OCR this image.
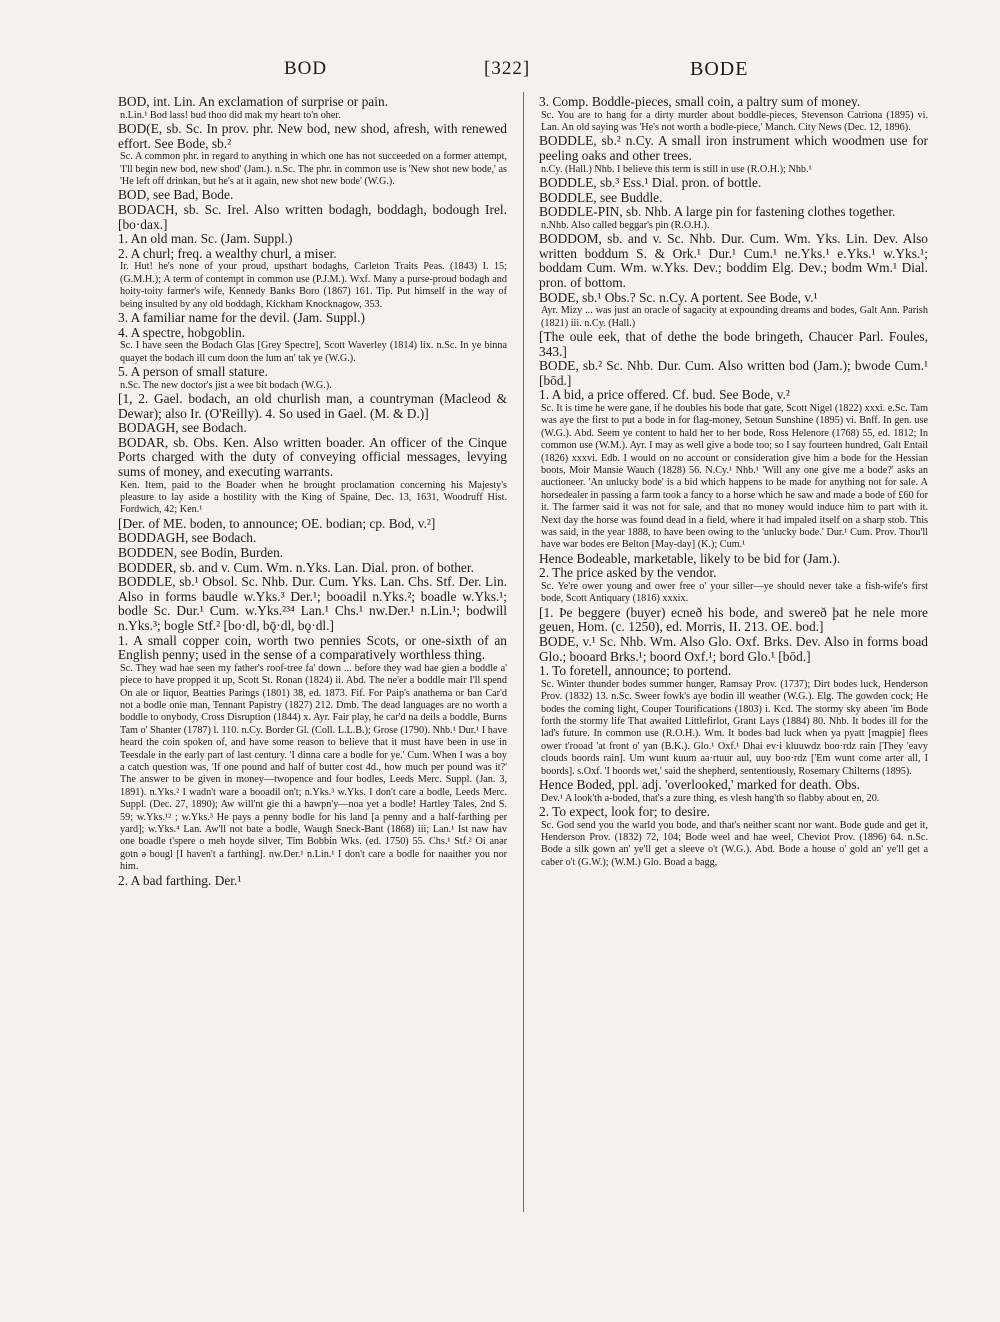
BOD	[322]	BODE

BOD, int. Lin. An exclamation of surprise or pain.

n.Lin.¹ Bod lass! bud thoo did mak my heart to'n oher.

BOD(E, sb. Sc. In prov. phr. New bod, new shod, afresh, with renewed effort. See Bode, sb.²

Sc. A common phr. in regard to anything in which one has not succeeded on a former attempt, 'I'll begin new bod, new shod' (Jam.). n.Sc. The phr. in common use is 'New shot new bode,' as 'He left off drinkan, but he's at it again, new shot new bode' (W.G.).

BOD, see Bad, Bode.

BODACH, sb. Sc. Irel. Also written bodagh, boddagh, bodough Irel. [bo·dax.]

1. An old man. Sc. (Jam. Suppl.)

2. A churl; freq. a wealthy churl, a miser.

Ir. Hut! he's none of your proud, upsthart bodaghs, Carleton Traits Peas. (1843) I. 15; (G.M.H.); A term of contempt in common use (P.J.M.). Wxf. Many a purse-proud bodagh and hoity-toity farmer's wife, Kennedy Banks Boro (1867) 161. Tip. Put himself in the way of being insulted by any old boddagh, Kickham Knocknagow, 353.

3. A familiar name for the devil. (Jam. Suppl.)

4. A spectre, hobgoblin.

Sc. I have seen the Bodach Glas [Grey Spectre], Scott Waverley (1814) lix. n.Sc. In ye binna quayet the bodach ill cum doon the lum an' tak ye (W.G.).

5. A person of small stature.

n.Sc. The new doctor's jist a wee bit bodach (W.G.).

[1, 2. Gael. bodach, an old churlish man, a countryman (Macleod & Dewar); also Ir. (O'Reilly). 4. So used in Gael. (M. & D.)]

BODAGH, see Bodach.

BODAR, sb. Obs. Ken. Also written boader. An officer of the Cinque Ports charged with the duty of conveying official messages, levying sums of money, and executing warrants.

Ken. Item, paid to the Boader when he brought proclamation concerning his Majesty's pleasure to lay aside a hostility with the King of Spaine, Dec. 13, 1631, Woodruff Hist. Fordwich, 42; Ken.¹

[Der. of ME. boden, to announce; OE. bodian; cp. Bod, v.²]

BODDAGH, see Bodach.

BODDEN, see Bodin, Burden.

BODDER, sb. and v. Cum. Wm. n.Yks. Lan. Dial. pron. of bother.

BODDLE, sb.¹ Obsol. Sc. Nhb. Dur. Cum. Yks. Lan. Chs. Stf. Der. Lin. Also in forms baudle w.Yks.³ Der.¹; booadil n.Yks.²; boadle w.Yks.¹; bodle Sc. Dur.¹ Cum. w.Yks.²³⁴ Lan.¹ Chs.¹ nw.Der.¹ n.Lin.¹; bodwill n.Yks.³; bogle Stf.² [bo·dl, bǭ·dl, bǫ·dl.]

1. A small copper coin, worth two pennies Scots, or one-sixth of an English penny; used in the sense of a comparatively worthless thing.

Sc. They wad hae seen my father's roof-tree fa' down ... before they wad hae gien a boddle a' piece to have propped it up, Scott St. Ronan (1824) ii. Abd. The ne'er a boddle mair I'll spend On ale or liquor, Beatties Parings (1801) 38, ed. 1873. Fif. For Paip's anathema or ban Car'd not a bodle onie man, Tennant Papistry (1827) 212. Dmb. The dead languages are no worth a boddle to onybody, Cross Disruption (1844) x. Ayr. Fair play, he car'd na deils a boddle, Burns Tam o' Shanter (1787) l. 110. n.Cy. Border Gl. (Coll. L.L.B.); Grose (1790). Nhb.¹ Dur.¹ I have heard the coin spoken of, and have some reason to believe that it must have been in use in Teesdale in the early part of last century. 'I dinna care a bodle for ye.' Cum. When I was a boy a catch question was, 'If one pound and half of butter cost 4d., how much per pound was it?' The answer to be given in money—twopence and four bodles, Leeds Merc. Suppl. (Jan. 3, 1891). n.Yks.² I wadn't ware a booadil on't; n.Yks.³ w.Yks. I don't care a bodle, Leeds Merc. Suppl. (Dec. 27, 1890); Aw will'nt gie thi a hawpn'y—noa yet a bodle! Hartley Tales, 2nd S. 59; w.Yks.¹² ; w.Yks.³ He pays a penny bodle for his land [a penny and a half-farthing per yard]; w.Yks.⁴ Lan. Aw'll not bate a bodle, Waugh Sneck-Bant (1868) iii; Lan.¹ Ist naw hav one boadle t'spere o meh hoyde silver, Tim Bobbin Wks. (ed. 1750) 55. Chs.¹ Stf.² Oi anər gotn ə bougl [I haven't a farthing]. nw.Der.¹ n.Lin.¹ I don't care a bodle for naaither you nor him.

2. A bad farthing. Der.¹

3. Comp. Boddle-pieces, small coin, a paltry sum of money.

Sc. You are to hang for a dirty murder about boddle-pieces, Stevenson Catriona (1895) vi. Lan. An old saying was 'He's not worth a bodle-piece,' Manch. City News (Dec. 12, 1896).

BODDLE, sb.² n.Cy. A small iron instrument which woodmen use for peeling oaks and other trees.

n.Cy. (Hall.) Nhb. I believe this term is still in use (R.O.H.); Nhb.¹

BODDLE, sb.³ Ess.¹ Dial. pron. of bottle.

BODDLE, see Buddle.

BODDLE-PIN, sb. Nhb. A large pin for fastening clothes together.

n.Nhb. Also called beggar's pin (R.O.H.).

BODDOM, sb. and v. Sc. Nhb. Dur. Cum. Wm. Yks. Lin. Dev. Also written boddum S. & Ork.¹ Dur.¹ Cum.¹ ne.Yks.¹ e.Yks.¹ w.Yks.¹; boddam Cum. Wm. w.Yks. Dev.; boddim Elg. Dev.; bodm Wm.¹ Dial. pron. of bottom.

BODE, sb.¹ Obs.? Sc. n.Cy. A portent. See Bode, v.¹

Ayr. Mizy ... was just an oracle of sagacity at expounding dreams and bodes, Galt Ann. Parish (1821) iii. n.Cy. (Hall.)

[The oule eek, that of dethe the bode bringeth, Chaucer Parl. Foules, 343.]

BODE, sb.² Sc. Nhb. Dur. Cum. Also written bod (Jam.); bwode Cum.¹ [bōd.]

1. A bid, a price offered. Cf. bud. See Bode, v.²

Sc. It is time he were gane, if he doubles his bode that gate, Scott Nigel (1822) xxxi. e.Sc. Tam was aye the first to put a bode in for flag-money, Setoun Sunshine (1895) vi. Bnff. In gen. use (W.G.). Abd. Seem ye content to hald her to her bode, Ross Helenore (1768) 55, ed. 1812; In common use (W.M.). Ayr. I may as well give a bode too; so I say fourteen hundred, Galt Entail (1826) xxxvi. Edb. I would on no account or consideration give him a bode for the Hessian boots, Moir Mansie Wauch (1828) 56. N.Cy.¹ Nhb.¹ 'Will any one give me a bode?' asks an auctioneer. 'An unlucky bode' is a bid which happens to be made for anything not for sale. A horsedealer in passing a farm took a fancy to a horse which he saw and made a bode of £60 for it. The farmer said it was not for sale, and that no money would induce him to part with it. Next day the horse was found dead in a field, where it had impaled itself on a sharp stob. This was said, in the year 1888, to have been owing to the 'unlucky bode.' Dur.¹ Cum. Prov. Thou'll have war bodes ere Belton [May-day] (K.); Cum.¹

Hence Bodeable, marketable, likely to be bid for (Jam.).

2. The price asked by the vendor.

Sc. Ye're ower young and ower free o' your siller—ye should never take a fish-wife's first bode, Scott Antiquary (1816) xxxix.

[1. Þe beggere (buyer) ecneð his bode, and swereð þat he nele more geuen, Hom. (c. 1250), ed. Morris, II. 213. OE. bod.]

BODE, v.¹ Sc. Nhb. Wm. Also Glo. Oxf. Brks. Dev. Also in forms boad Glo.; booard Brks.¹; boord Oxf.¹; bord Glo.¹ [bōd.]

1. To foretell, announce; to portend.

Sc. Winter thunder bodes summer hunger, Ramsay Prov. (1737); Dirt bodes luck, Henderson Prov. (1832) 13. n.Sc. Sweer fowk's aye bodin ill weather (W.G.). Elg. The gowden cock; He bodes the coming light, Couper Tourifications (1803) i. Kcd. The stormy sky abeen 'im Bode forth the stormy life That awaited Littlefirlot, Grant Lays (1884) 80. Nhb. It bodes ill for the lad's future. In common use (R.O.H.). Wm. It bodes bad luck when ya pyatt [magpie] flees ower t'rooad 'at front o' yan (B.K.). Glo.¹ Oxf.¹ Dhai ev·i kluuwdz boo·rdz rain [They 'eavy clouds boords rain]. Um wunt kuum aa·rtuur aul, uuy boo·rdz ['Em wunt come arter all, I boords]. s.Oxf. 'I boords wet,' said the shepherd, sententiously, Rosemary Chilterns (1895).

Hence Boded, ppl. adj. 'overlooked,' marked for death. Obs.

Dev.¹ A look'th a-boded, that's a zure thing, es vlesh hang'th so flabby about en, 20.

2. To expect, look for; to desire.

Sc. God send you the warld you bode, and that's neither scant nor want. Bode gude and get it, Henderson Prov. (1832) 72, 104; Bode weel and hae weel, Cheviot Prov. (1896) 64. n.Sc. Bode a silk gown an' ye'll get a sleeve o't (W.G.). Abd. Bode a house o' gold an' ye'll get a caber o't (G.W.); (W.M.) Glo. Boad a bagg,
